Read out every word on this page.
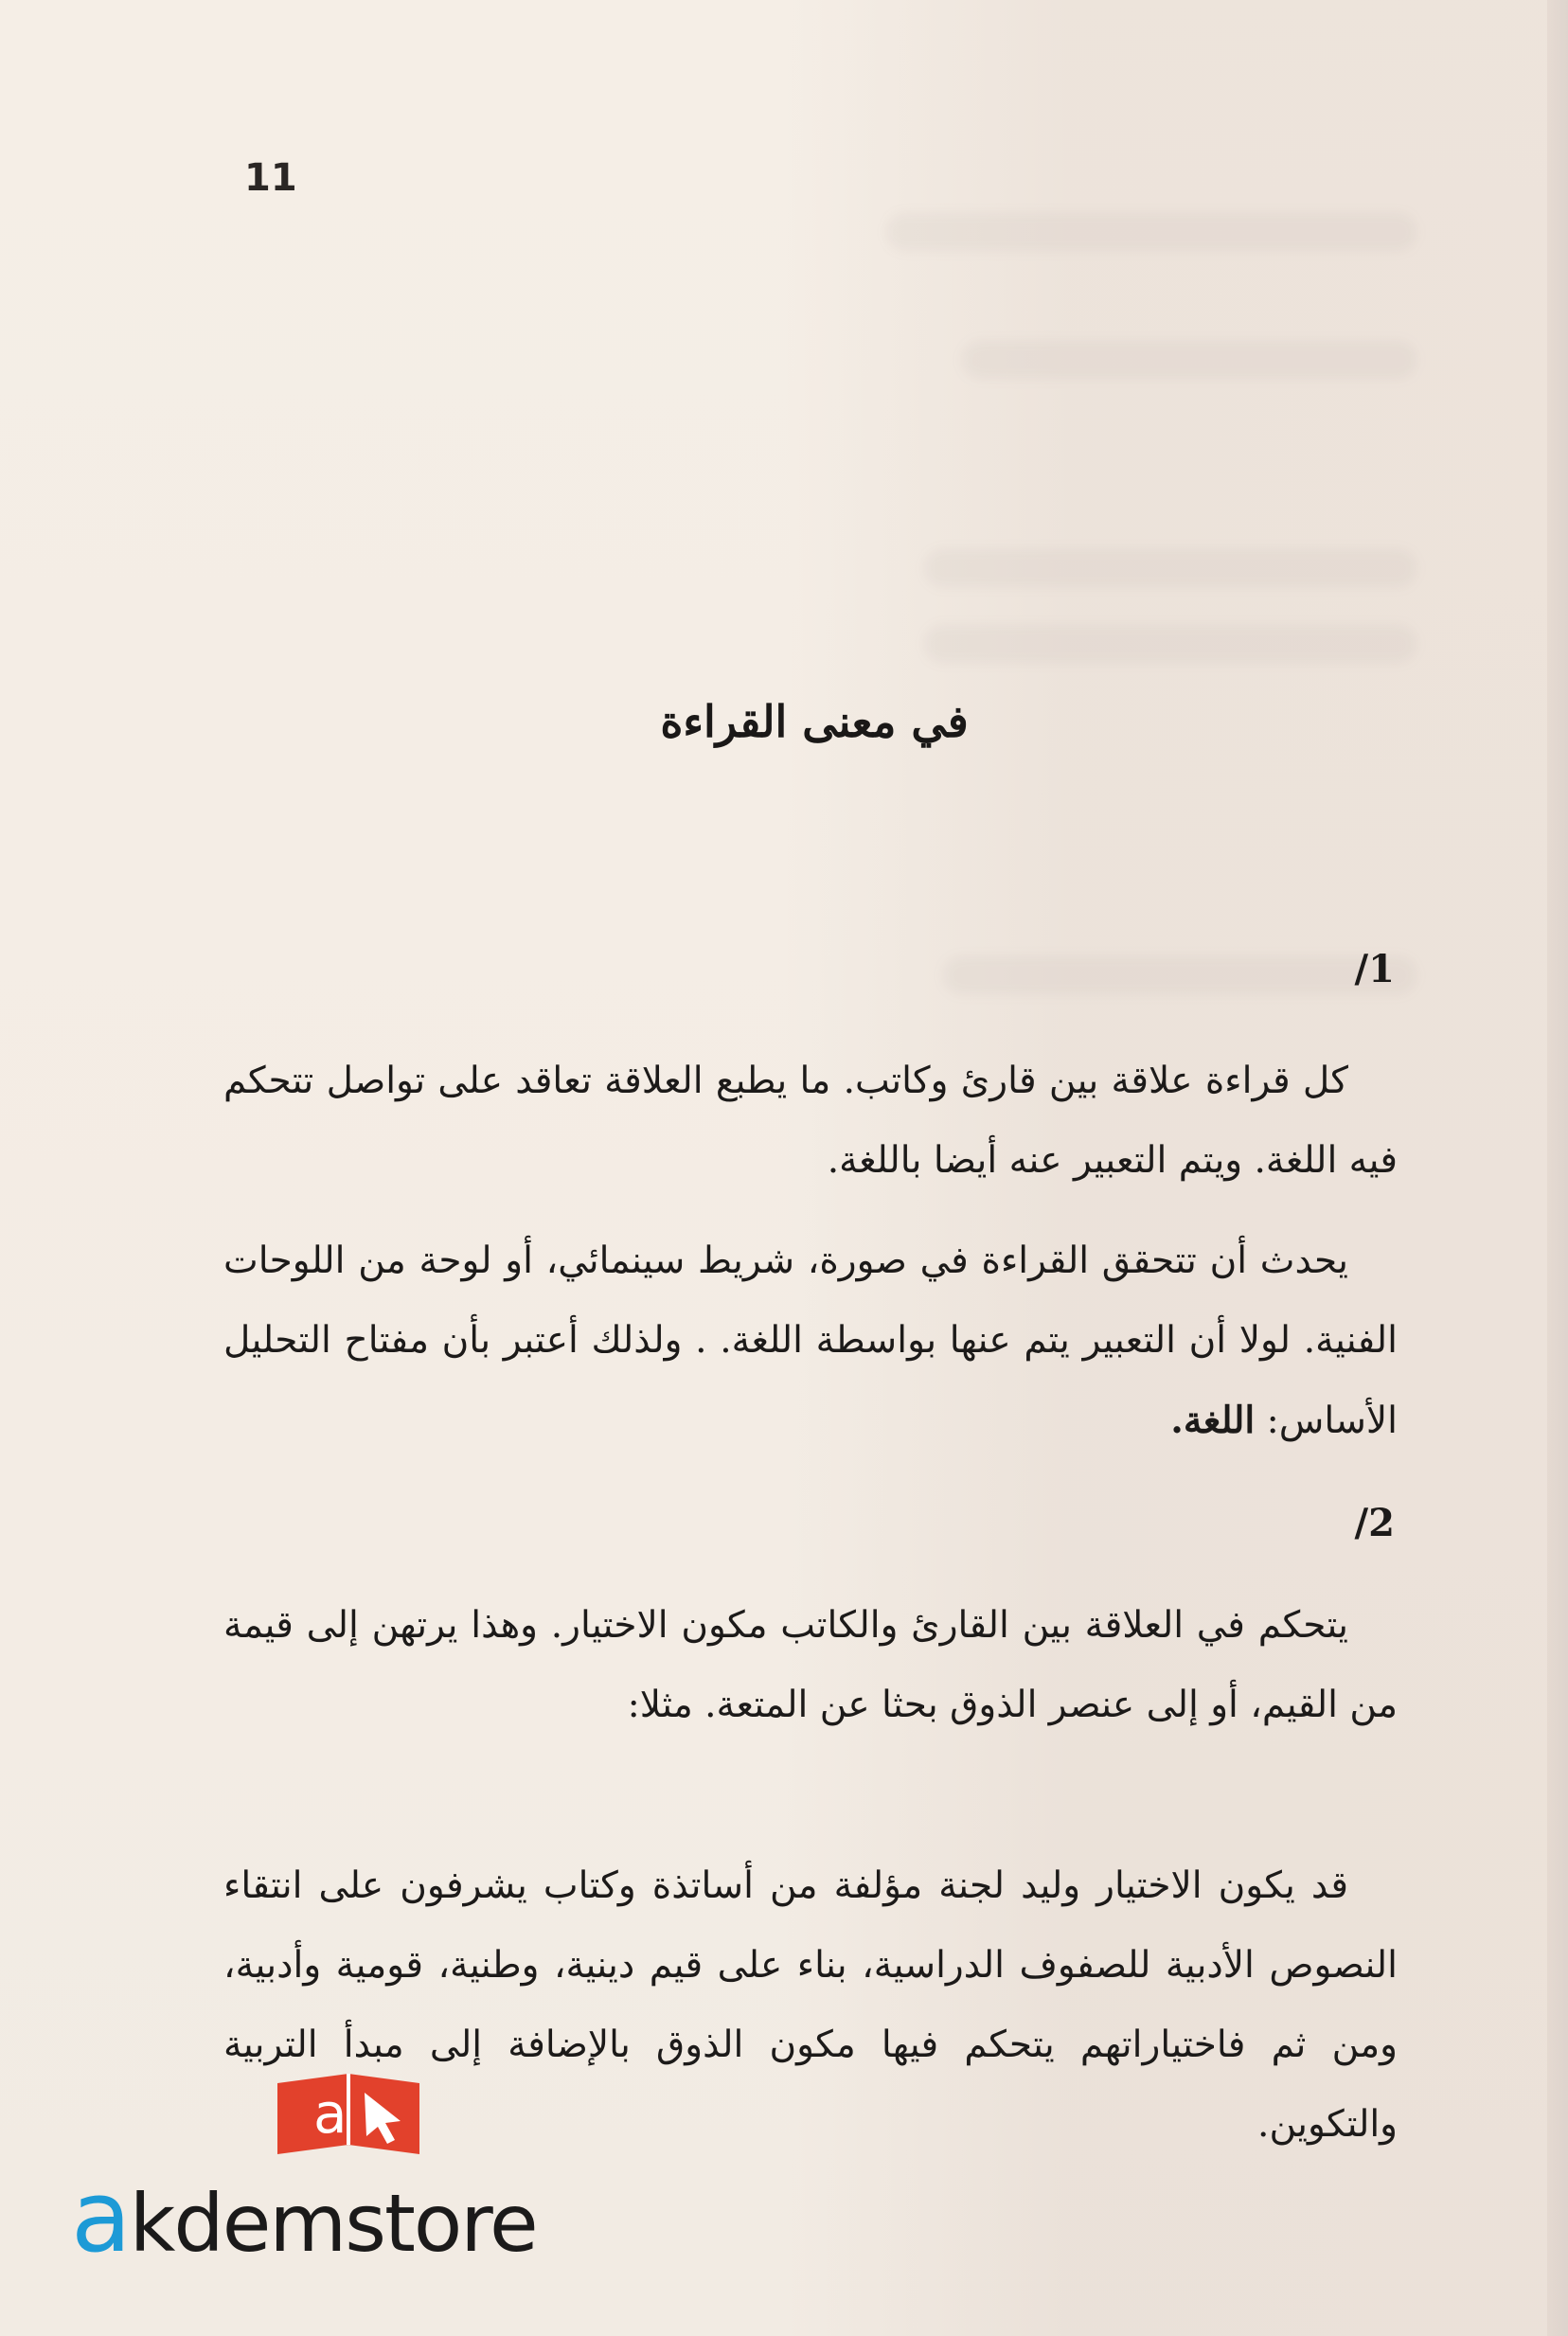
11
في معنى القراءة
/1
كل قراءة علاقة بين قارئ وكاتب. ما يطبع العلاقة تعاقد على تواصل تتحكم فيه اللغة. ويتم التعبير عنه أيضا باللغة.
يحدث أن تتحقق القراءة في صورة، شريط سينمائي، أو لوحة من اللوحات الفنية. لولا أن التعبير يتم عنها بواسطة اللغة. . ولذلك أعتبر بأن مفتاح التحليل الأساس: اللغة.
/2
يتحكم في العلاقة بين القارئ والكاتب مكون الاختيار. وهذا يرتهن إلى قيمة من القيم، أو إلى عنصر الذوق بحثا عن المتعة. مثلا:
قد يكون الاختيار وليد لجنة مؤلفة من أساتذة وكتاب يشرفون على انتقاء النصوص الأدبية للصفوف الدراسية، بناء على قيم دينية، وطنية، قومية وأدبية، ومن ثم فاختياراتهم يتحكم فيها مكون الذوق بالإضافة إلى مبدأ التربية والتكوين.
a
akdemstore
